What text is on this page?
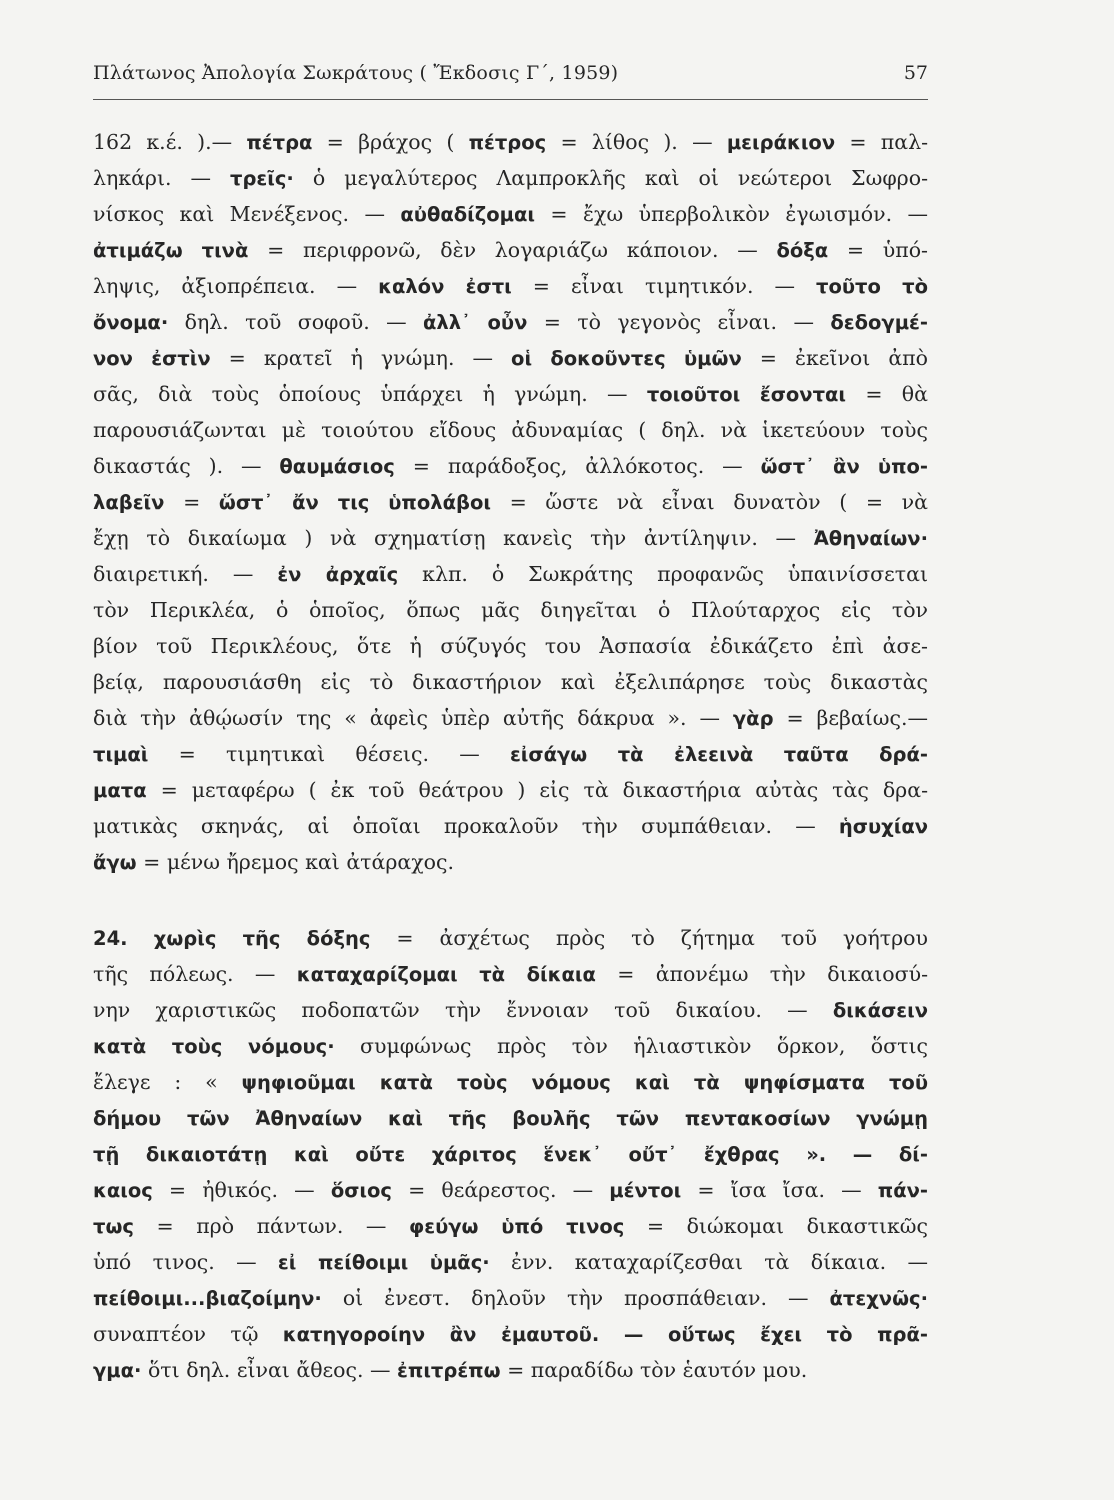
Πλάτωνος Ἀπολογία Σωκράτους ( Ἔκδοσις Γ΄, 1959)	57
162 κ.έ. ).— πέτρα = βράχος ( πέτρος = λίθος ). — μειράκιον = παλ-
ληκάρι. — τρεῖς· ὁ μεγαλύτερος Λαμπροκλῆς καὶ οἱ νεώτεροι Σωφρο-
νίσκος καὶ Μενέξενος. — αὐθαδίζομαι = ἔχω ὑπερβολικὸν ἐγωισμόν. —
ἀτιμάζω τινὰ = περιφρονῶ, δὲν λογαριάζω κάποιον. — δόξα = ὑπό-
ληψις, ἀξιοπρέπεια. — καλόν ἐστι = εἶναι τιμητικόν. — τοῦτο τὸ
ὄνομα· δηλ. τοῦ σοφοῦ. — ἀλλ᾽ οὖν = τὸ γεγονὸς εἶναι. — δεδογμέ-
νον ἐστὶν = κρατεῖ ἡ γνώμη. — οἱ δοκοῦντες ὑμῶν = ἐκεῖνοι ἀπὸ
σᾶς, διὰ τοὺς ὁποίους ὑπάρχει ἡ γνώμη. — τοιοῦτοι ἔσονται = θὰ
παρουσιάζωνται μὲ τοιούτου εἴδους ἀδυναμίας ( δηλ. νὰ ἱκετεύουν τοὺς
δικαστάς ). — θαυμάσιος = παράδοξος, ἀλλόκοτος. — ὥστ᾽ ἂν ὑπο-
λαβεῖν = ὥστ᾽ ἄν τις ὑπολάβοι = ὥστε νὰ εἶναι δυνατὸν ( = νὰ
ἔχῃ τὸ δικαίωμα ) νὰ σχηματίσῃ κανεὶς τὴν ἀντίληψιν. — Ἀθηναίων·
διαιρετική. — ἐν ἀρχαῖς κλπ. ὁ Σωκράτης προφανῶς ὑπαινίσσεται
τὸν Περικλέα, ὁ ὁποῖος, ὅπως μᾶς διηγεῖται ὁ Πλούταρχος εἰς τὸν
βίον τοῦ Περικλέους, ὅτε ἡ σύζυγός του Ἀσπασία ἐδικάζετο ἐπὶ ἀσε-
βείᾳ, παρουσιάσθη εἰς τὸ δικαστήριον καὶ ἐξελιπάρησε τοὺς δικαστὰς
διὰ τὴν ἀθῴωσίν της « ἀφεὶς ὑπὲρ αὐτῆς δάκρυα ». — γὰρ = βεβαίως.—
τιμαὶ = τιμητικαὶ θέσεις. — εἰσάγω τὰ ἐλεεινὰ ταῦτα δρά-
ματα = μεταφέρω ( ἐκ τοῦ θεάτρου ) εἰς τὰ δικαστήρια αὐτὰς τὰς δρα-
ματικὰς σκηνάς, αἱ ὁποῖαι προκαλοῦν τὴν συμπάθειαν. — ἡσυχίαν
ἄγω = μένω ἤρεμος καὶ ἀτάραχος.
24. χωρὶς τῆς δόξης = ἀσχέτως πρὸς τὸ ζήτημα τοῦ γοήτρου
τῆς πόλεως. — καταχαρίζομαι τὰ δίκαια = ἀπονέμω τὴν δικαιοσύ-
νην χαριστικῶς ποδοπατῶν τὴν ἔννοιαν τοῦ δικαίου. — δικάσειν
κατὰ τοὺς νόμους· συμφώνως πρὸς τὸν ἡλιαστικὸν ὅρκον, ὅστις
ἔλεγε : « ψηφιοῦμαι κατὰ τοὺς νόμους καὶ τὰ ψηφίσματα τοῦ
δήμου τῶν Ἀθηναίων καὶ τῆς βουλῆς τῶν πεντακοσίων γνώμῃ
τῇ δικαιοτάτῃ καὶ οὔτε χάριτος ἕνεκ᾽ οὔτ᾽ ἔχθρας ». — δί-
καιος = ἠθικός. — ὅσιος = θεάρεστος. — μέντοι = ἴσα ἴσα. — πάν-
τως = πρὸ πάντων. — φεύγω ὑπό τινος = διώκομαι δικαστικῶς
ὑπό τινος. — εἰ πείθοιμι ὑμᾶς· ἐνν. καταχαρίζεσθαι τὰ δίκαια. —
πείθοιμι...βιαζοίμην· οἱ ἐνεστ. δηλοῦν τὴν προσπάθειαν. — ἀτεχνῶς·
συναπτέον τῷ κατηγοροίην ἂν ἐμαυτοῦ. — οὕτως ἔχει τὸ πρᾶ-
γμα· ὅτι δηλ. εἶναι ἄθεος. — ἐπιτρέπω = παραδίδω τὸν ἑαυτόν μου.
